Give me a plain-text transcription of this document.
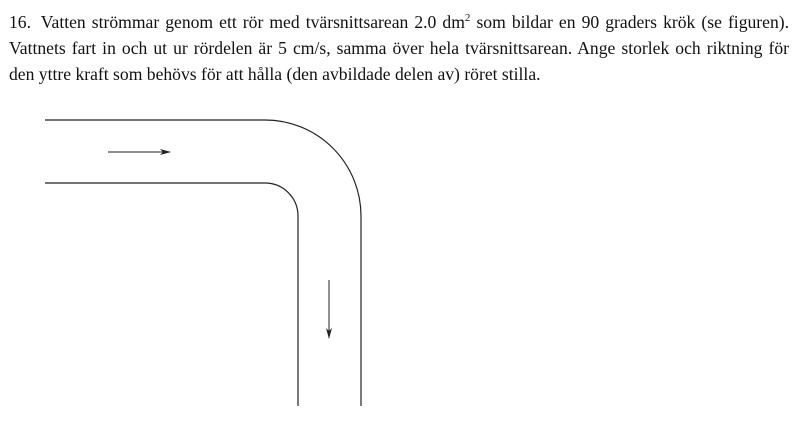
16. Vatten strömmar genom ett rör med tvärsnittsarean 2.0 $dm^2$ som bildar en 90 graders krök (se figuren). Vattnets fart in och ut ur rördelen är 5 cm/s, samma över hela tvärsnittsarean. Ange storlek och riktning för den yttre kraft som behövs för att hålla (den avbildade delen av) röret stilla.
